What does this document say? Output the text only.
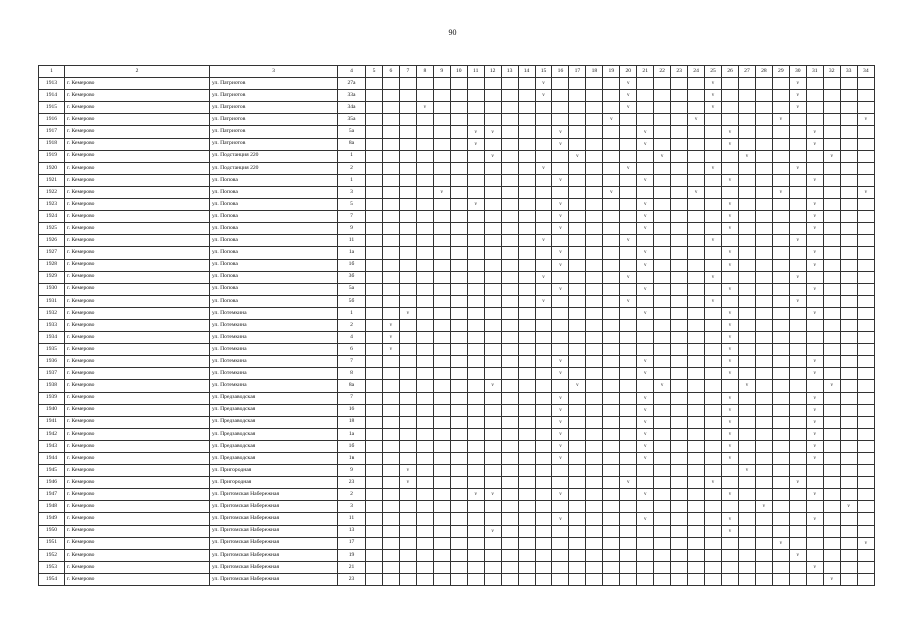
90
1	2	3	4	5	6	7	8	9	10	11	12	13	14	15	16	17	18	19	20	21	22	23	24	25	26	27	28	29	30	31	32	33	34
1913	г. Кемерово	ул. Патриотов	27а											v					v					v					v				
1914	г. Кемерово	ул. Патриотов	33а											v					v					v					v				
1915	г. Кемерово	ул. Патриотов	34а				v												v					v					v				
1916	г. Кемерово	ул. Патриотов	35а															v					v					v					v
1917	г. Кемерово	ул. Патриотов	5а							v	v				v					v					v					v			
1918	г. Кемерово	ул. Патриотов	8а							v					v					v					v					v			
1919	г. Кемерово	ул. Подстанция 220	1								v					v					v					v					v		
1920	г. Кемерово	ул. Подстанция 220	2											v					v					v					v				
1921	г. Кемерово	ул. Попова	1												v					v					v					v			
1922	г. Кемерово	ул. Попова	3					v										v					v					v					v
1923	г. Кемерово	ул. Попова	5							v					v					v					v					v			
1924	г. Кемерово	ул. Попова	7												v					v					v					v			
1925	г. Кемерово	ул. Попова	9												v					v					v					v			
1926	г. Кемерово	ул. Попова	11											v					v					v					v				
1927	г. Кемерово	ул. Попова	1а												v					v					v					v			
1928	г. Кемерово	ул. Попова	1б												v					v					v					v			
1929	г. Кемерово	ул. Попова	3б											v					v					v					v				
1930	г. Кемерово	ул. Попова	5а												v					v					v					v			
1931	г. Кемерово	ул. Попова	5б											v					v					v					v				
1932	г. Кемерово	ул. Потемкина	1			v														v					v					v			
1933	г. Кемерово	ул. Потемкина	2		v																				v								
1934	г. Кемерово	ул. Потемкина	4		v																				v								
1935	г. Кемерово	ул. Потемкина	6		v																				v								
1936	г. Кемерово	ул. Потемкина	7												v					v					v					v			
1937	г. Кемерово	ул. Потемкина	8												v					v					v					v			
1938	г. Кемерово	ул. Потемкина	8а								v					v					v					v					v		
1939	г. Кемерово	ул. Предзаводская	7												v					v					v					v			
1940	г. Кемерово	ул. Предзаводская	16												v					v					v					v			
1941	г. Кемерово	ул. Предзаводская	18												v					v					v					v			
1942	г. Кемерово	ул. Предзаводская	1а												v					v					v					v			
1943	г. Кемерово	ул. Предзаводская	1б												v					v					v					v			
1944	г. Кемерово	ул. Предзаводская	1в												v					v					v					v			
1945	г. Кемерово	ул. Пригородная	9			v																				v							
1946	г. Кемерово	ул. Пригородная	23			v													v					v					v				
1947	г. Кемерово	ул. Притомская Набережная	2							v	v				v					v					v					v			
1948	г. Кемерово	ул. Притомская Набережная	3																								v					v	
1949	г. Кемерово	ул. Притомская Набережная	11												v					v					v					v			
1950	г. Кемерово	ул. Притомская Набережная	13								v														v								
1951	г. Кемерово	ул. Притомская Набережная	17																									v					v
1952	г. Кемерово	ул. Притомская Набережная	19																										v				
1953	г. Кемерово	ул. Притомская Набережная	21																											v			
1954	г. Кемерово	ул. Притомская Набережная	23																												v		
